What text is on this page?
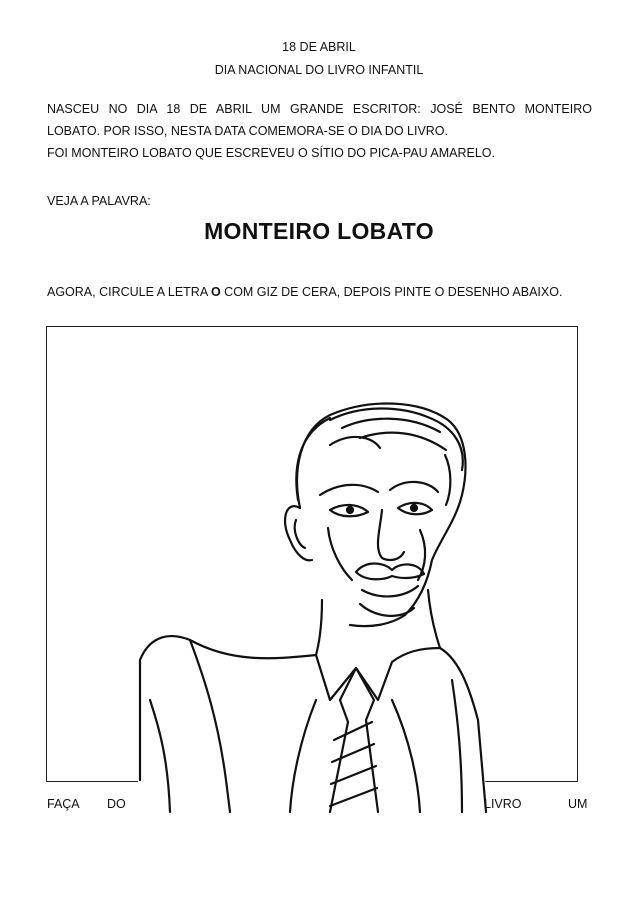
18 DE ABRIL
DIA NACIONAL DO LIVRO INFANTIL
NASCEU NO DIA 18 DE ABRIL UM GRANDE ESCRITOR: JOSÉ BENTO MONTEIRO
LOBATO. POR ISSO, NESTA DATA COMEMORA-SE O DIA DO LIVRO.
FOI MONTEIRO LOBATO QUE ESCREVEU O SÍTIO DO PICA-PAU AMARELO.
VEJA A PALAVRA:
MONTEIRO LOBATO
AGORA, CIRCULE A LETRA O COM GIZ DE CERA, DEPOIS PINTE O DESENHO ABAIXO.
FAÇA DO	LIVRO	UM
